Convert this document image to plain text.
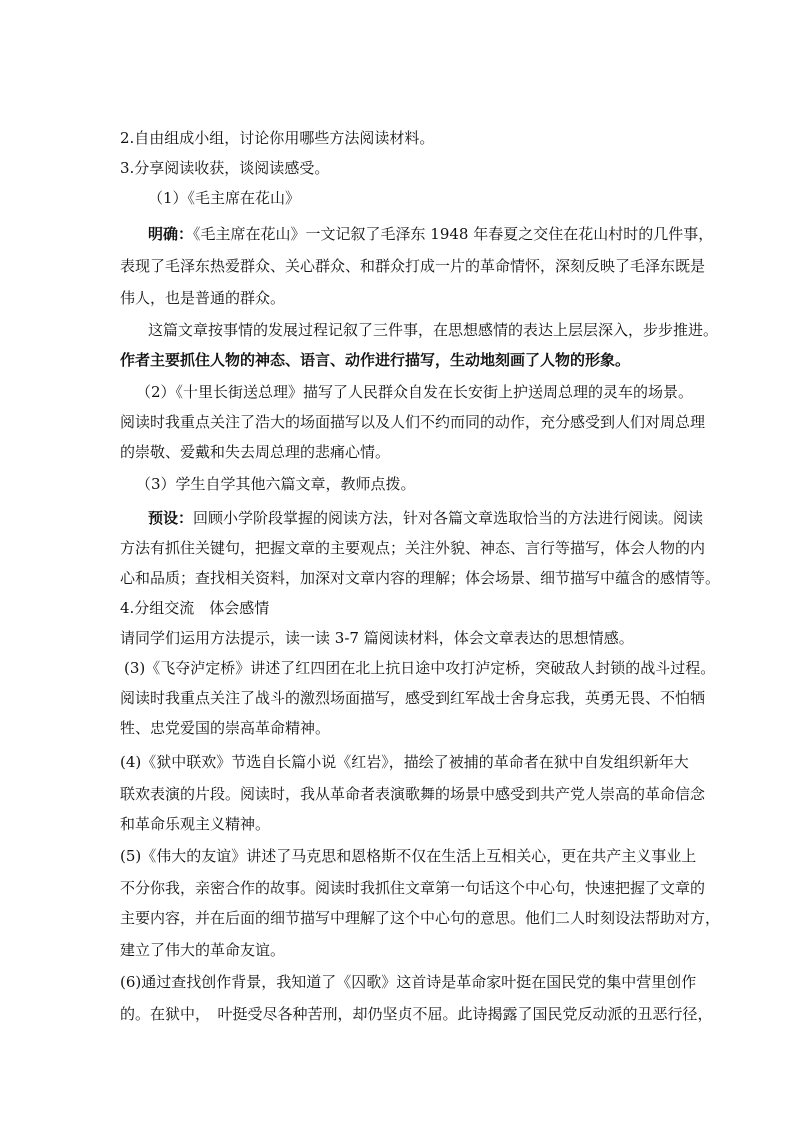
2.自由组成小组，讨论你用哪些方法阅读材料。
3.分享阅读收获，谈阅读感受。
（1）《毛主席在花山》
明确：《毛主席在花山》一文记叙了毛泽东 1948 年春夏之交住在花山村时的几件事，
表现了毛泽东热爱群众、关心群众、和群众打成一片的革命情怀，深刻反映了毛泽东既是
伟人，也是普通的群众。
这篇文章按事情的发展过程记叙了三件事，在思想感情的表达上层层深入，步步推进。
作者主要抓住人物的神态、语言、动作进行描写，生动地刻画了人物的形象。
（2）《十里长街送总理》描写了人民群众自发在长安街上护送周总理的灵车的场景。
阅读时我重点关注了浩大的场面描写以及人们不约而同的动作，充分感受到人们对周总理
的崇敬、爱戴和失去周总理的悲痛心情。
（3）学生自学其他六篇文章，教师点拨。
预设：回顾小学阶段掌握的阅读方法，针对各篇文章选取恰当的方法进行阅读。阅读
方法有抓住关键句，把握文章的主要观点；关注外貌、神态、言行等描写，体会人物的内
心和品质；查找相关资料，加深对文章内容的理解；体会场景、细节描写中蕴含的感情等。
4.分组交流　体会感情
请同学们运用方法提示，读一读 3-7 篇阅读材料，体会文章表达的思想情感。
(3)《飞夺泸定桥》讲述了红四团在北上抗日途中攻打泸定桥，突破敌人封锁的战斗过程。
阅读时我重点关注了战斗的激烈场面描写，感受到红军战士舍身忘我，英勇无畏、不怕牺
牲、忠党爱国的崇高革命精神。
(4)《狱中联欢》节选自长篇小说《红岩》，描绘了被捕的革命者在狱中自发组织新年大
联欢表演的片段。阅读时，我从革命者表演歌舞的场景中感受到共产党人崇高的革命信念
和革命乐观主义精神。
(5)《伟大的友谊》讲述了马克思和恩格斯不仅在生活上互相关心，更在共产主义事业上
不分你我，亲密合作的故事。阅读时我抓住文章第一句话这个中心句，快速把握了文章的
主要内容，并在后面的细节描写中理解了这个中心句的意思。他们二人时刻设法帮助对方，
建立了伟大的革命友谊。
(6)通过查找创作背景，我知道了《囚歌》这首诗是革命家叶挺在国民党的集中营里创作
的。在狱中，　叶挺受尽各种苦刑，却仍坚贞不屈。此诗揭露了国民党反动派的丑恶行径，
